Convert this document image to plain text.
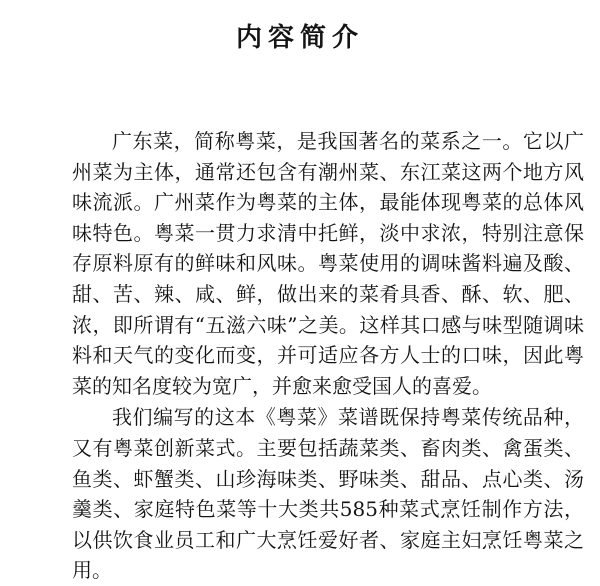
内容简介

广东菜，简称粤菜，是我国著名的菜系之一。它以广州菜为主体，通常还包含有潮州菜、东江菜这两个地方风味流派。广州菜作为粤菜的主体，最能体现粤菜的总体风味特色。粤菜一贯力求清中托鲜，淡中求浓，特别注意保存原料原有的鲜味和风味。粤菜使用的调味酱料遍及酸、甜、苦、辣、咸、鲜，做出来的菜肴具香、酥、软、肥、浓，即所谓有“五滋六味”之美。这样其口感与味型随调味料和天气的变化而变，并可适应各方人士的口味，因此粤菜的知名度较为宽广，并愈来愈受国人的喜爱。

我们编写的这本《粤菜》菜谱既保持粤菜传统品种，又有粤菜创新菜式。主要包括蔬菜类、畜肉类、禽蛋类、鱼类、虾蟹类、山珍海味类、野味类、甜品、点心类、汤羹类、家庭特色菜等十大类共585种菜式烹饪制作方法，以供饮食业员工和广大烹饪爱好者、家庭主妇烹饪粤菜之用。
